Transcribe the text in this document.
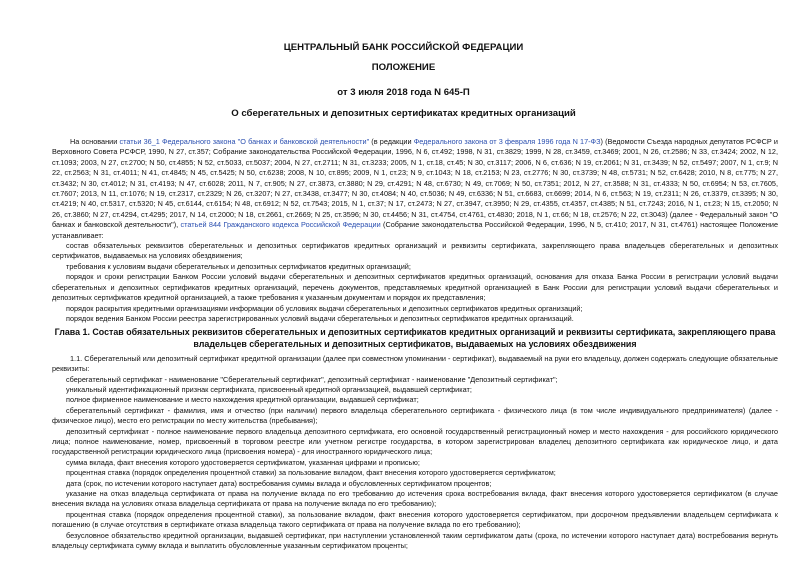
ЦЕНТРАЛЬНЫЙ БАНК РОССИЙСКОЙ ФЕДЕРАЦИИ

ПОЛОЖЕНИЕ

от 3 июля 2018 года N 645-П

О сберегательных и депозитных сертификатах кредитных организаций

На основании статьи 36_1 Федерального закона "О банках и банковской деятельности" (в редакции Федерального закона от 3 февраля 1996 года N 17-ФЗ) (Ведомости Съезда народных депутатов РСФСР и Верховного Совета РСФСР, 1990, N 27, ст.357; Собрание законодательства Российской Федерации, 1996, N 6, ст.492; 1998, N 31, ст.3829; 1999, N 28, ст.3459, ст.3469; 2001, N 26, ст.2586; N 33, ст.3424; 2002, N 12, ст.1093; 2003, N 27, ст.2700; N 50, ст.4855; N 52, ст.5033, ст.5037; 2004, N 27, ст.2711; N 31, ст.3233; 2005, N 1, ст.18, ст.45; N 30, ст.3117; 2006, N 6, ст.636; N 19, ст.2061; N 31, ст.3439; N 52, ст.5497; 2007, N 1, ст.9; N 22, ст.2563; N 31, ст.4011; N 41, ст.4845; N 45, ст.5425; N 50, ст.6238; 2008, N 10, ст.895; 2009, N 1, ст.23; N 9, ст.1043; N 18, ст.2153; N 23, ст.2776; N 30, ст.3739; N 48, ст.5731; N 52, ст.6428; 2010, N 8, ст.775; N 27, ст.3432; N 30, ст.4012; N 31, ст.4193; N 47, ст.6028; 2011, N 7, ст.905; N 27, ст.3873, ст.3880; N 29, ст.4291; N 48, ст.6730; N 49, ст.7069; N 50, ст.7351; 2012, N 27, ст.3588; N 31, ст.4333; N 50, ст.6954; N 53, ст.7605, ст.7607; 2013, N 11, ст.1076; N 19, ст.2317, ст.2329; N 26, ст.3207; N 27, ст.3438, ст.3477; N 30, ст.4084; N 40, ст.5036; N 49, ст.6336; N 51, ст.6683, ст.6699; 2014, N 6, ст.563; N 19, ст.2311; N 26, ст.3379, ст.3395; N 30, ст.4219; N 40, ст.5317, ст.5320; N 45, ст.6144, ст.6154; N 48, ст.6912; N 52, ст.7543; 2015, N 1, ст.37; N 17, ст.2473; N 27, ст.3947, ст.3950; N 29, ст.4355, ст.4357, ст.4385; N 51, ст.7243; 2016, N 1, ст.23; N 15, ст.2050; N 26, ст.3860; N 27, ст.4294, ст.4295; 2017, N 14, ст.2000; N 18, ст.2661, ст.2669; N 25, ст.3596; N 30, ст.4456; N 31, ст.4754, ст.4761, ст.4830; 2018, N 1, ст.66; N 18, ст.2576; N 22, ст.3043) (далее - Федеральный закон "О банках и банковской деятельности"), статьей 844 Гражданского кодекса Российской Федерации (Собрание законодательства Российской Федерации, 1996, N 5, ст.410; 2017, N 31, ст.4761) настоящее Положение устанавливает:

состав обязательных реквизитов сберегательных и депозитных сертификатов кредитных организаций и реквизиты сертификата, закрепляющего права владельцев сберегательных и депозитных сертификатов, выдаваемых на условиях обездвижения;

требования к условиям выдачи сберегательных и депозитных сертификатов кредитных организаций;

порядок и сроки регистрации Банком России условий выдачи сберегательных и депозитных сертификатов кредитных организаций, основания для отказа Банка России в регистрации условий выдачи сберегательных и депозитных сертификатов кредитных организаций, перечень документов, представляемых кредитной организацией в Банк России для регистрации условий выдачи сберегательных и депозитных сертификатов кредитной организацией, а также требования к указанным документам и порядок их представления;

порядок раскрытия кредитными организациями информации об условиях выдачи сберегательных и депозитных сертификатов кредитных организаций;

порядок ведения Банком России реестра зарегистрированных условий выдачи сберегательных и депозитных сертификатов кредитных организаций.

Глава 1. Состав обязательных реквизитов сберегательных и депозитных сертификатов кредитных организаций и реквизиты сертификата, закрепляющего права владельцев сберегательных и депозитных сертификатов, выдаваемых на условиях обездвижения

1.1. Сберегательный или депозитный сертификат кредитной организации (далее при совместном упоминании - сертификат), выдаваемый на руки его владельцу, должен содержать следующие обязательные реквизиты:

сберегательный сертификат - наименование "Сберегательный сертификат", депозитный сертификат - наименование "Депозитный сертификат";

уникальный идентификационный признак сертификата, присвоенный кредитной организацией, выдавшей сертификат;

полное фирменное наименование и место нахождения кредитной организации, выдавшей сертификат;

сберегательный сертификат - фамилия, имя и отчество (при наличии) первого владельца сберегательного сертификата - физического лица (в том числе индивидуального предпринимателя) (далее - физическое лицо), место его регистрации по месту жительства (пребывания);

депозитный сертификат - полное наименование первого владельца депозитного сертификата, его основной государственный регистрационный номер и место нахождения - для российского юридического лица; полное наименование, номер, присвоенный в торговом реестре или учетном регистре государства, в котором зарегистрирован владелец депозитного сертификата как юридическое лицо, и дата государственной регистрации юридического лица (присвоения номера) - для иностранного юридического лица;

сумма вклада, факт внесения которого удостоверяется сертификатом, указанная цифрами и прописью;

процентная ставка (порядок определения процентной ставки) за пользование вкладом, факт внесения которого удостоверяется сертификатом;

дата (срок, по истечении которого наступает дата) востребования суммы вклада и обусловленных сертификатом процентов;

указание на отказ владельца сертификата от права на получение вклада по его требованию до истечения срока востребования вклада, факт внесения которого удостоверяется сертификатом (в случае внесения вклада на условиях отказа владельца сертификата от права на получение вклада по его требованию);

процентная ставка (порядок определения процентной ставки), за пользование вкладом, факт внесения которого удостоверяется сертификатом, при досрочном предъявлении владельцем сертификата к погашению (в случае отсутствия в сертификате отказа владельца такого сертификата от права на получение вклада по его требованию);

безусловное обязательство кредитной организации, выдавшей сертификат, при наступлении установленной таким сертификатом даты (срока, по истечении которого наступает дата) востребования вернуть владельцу сертификата сумму вклада и выплатить обусловленные указанным сертификатом проценты;
